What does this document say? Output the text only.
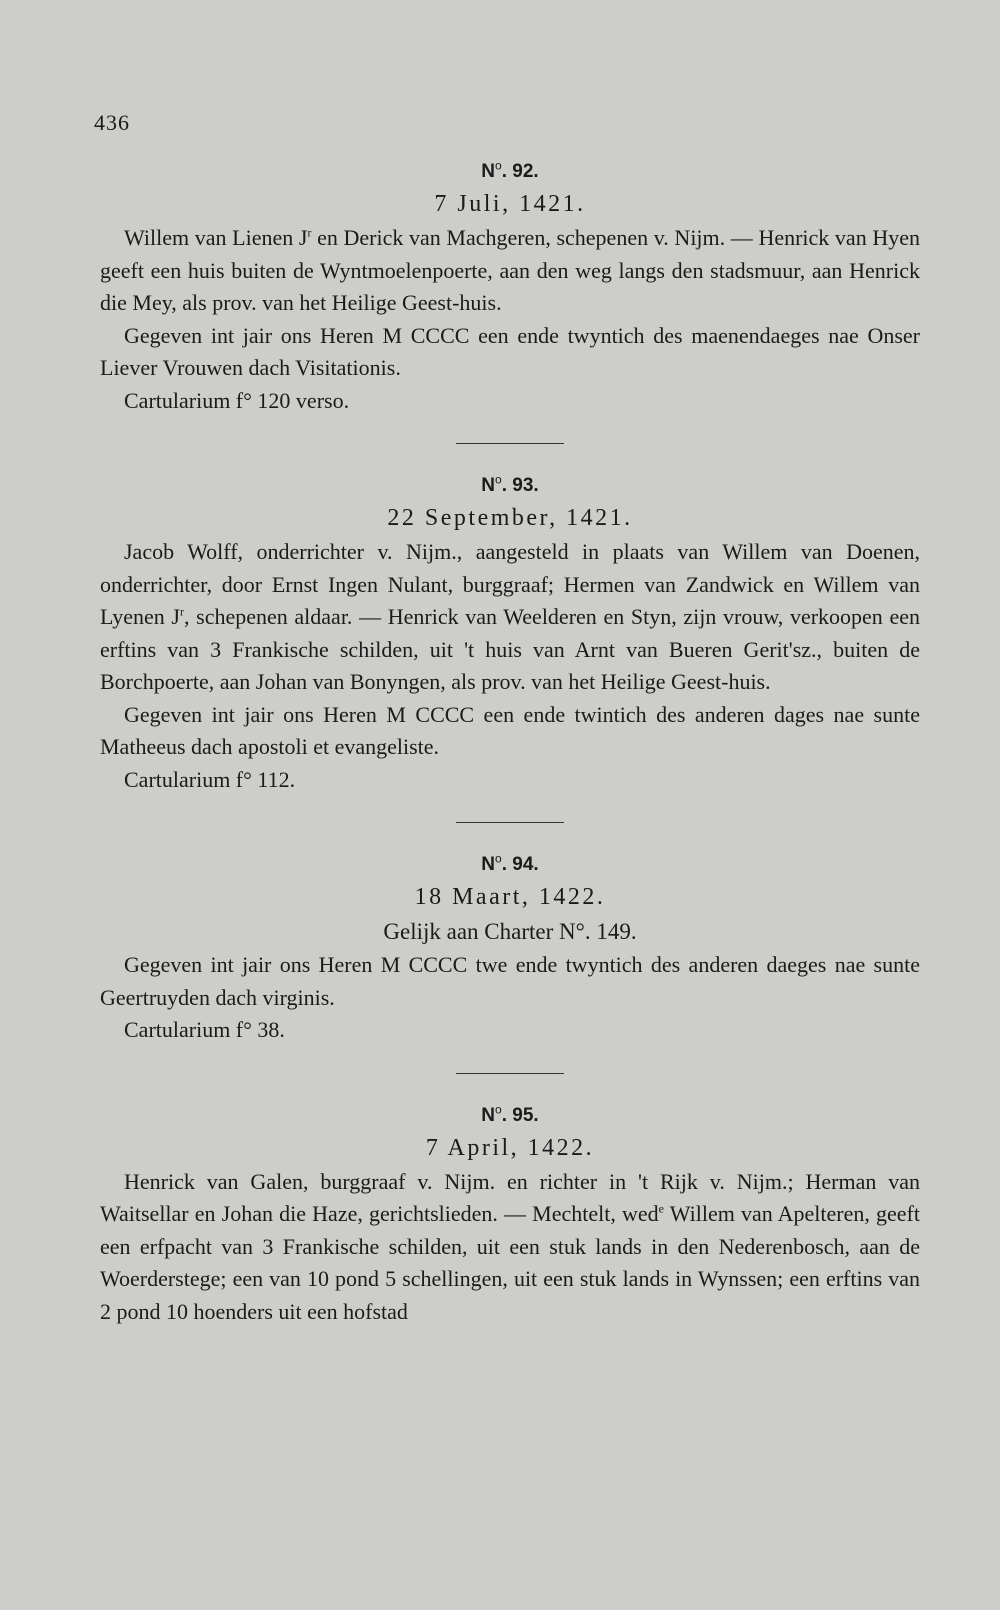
436
$N^o$. 92.
7 Juli, 1421.

Willem van Lienen $J^r$ en Derick van Machgeren, schepenen v. Nijm. — Henrick van Hyen geeft een huis buiten de Wyntmoelenpoerte, aan den weg langs den stadsmuur, aan Henrick die Mey, als prov. van het Heilige Geest-huis.

Gegeven int jair ons Heren M CCCC een ende twyntich des maenendaeges nae Onser Liever Vrouwen dach Visitationis.

Cartularium f° 120 verso.

$N^o$. 93.
22 September, 1421.

Jacob Wolff, onderrichter v. Nijm., aangesteld in plaats van Willem van Doenen, onderrichter, door Ernst Ingen Nulant, burggraaf; Hermen van Zandwick en Willem van Lyenen $J^r$, schepenen aldaar. — Henrick van Weelderen en Styn, zijn vrouw, verkoopen een erftins van 3 Frankische schilden, uit 't huis van Arnt van Bueren Gerit'sz., buiten de Borchpoerte, aan Johan van Bonyngen, als prov. van het Heilige Geest-huis.

Gegeven int jair ons Heren M CCCC een ende twintich des anderen dages nae sunte Matheeus dach apostoli et evangeliste.

Cartularium f° 112.

$N^o$. 94.
18 Maart, 1422.
Gelijk aan Charter N°. 149.

Gegeven int jair ons Heren M CCCC twe ende twyntich des anderen daeges nae sunte Geertruyden dach virginis.

Cartularium f° 38.

$N^o$. 95.
7 April, 1422.

Henrick van Galen, burggraaf v. Nijm. en richter in 't Rijk v. Nijm.; Herman van Waitsellar en Johan die Haze, gerichtslieden. — Mechtelt, wed$^e$ Willem van Apelteren, geeft een erfpacht van 3 Frankische schilden, uit een stuk lands in den Nederenbosch, aan de Woerderstege; een van 10 pond 5 schellingen, uit een stuk lands in Wynssen; een erftins van 2 pond 10 hoenders uit een hofstad
